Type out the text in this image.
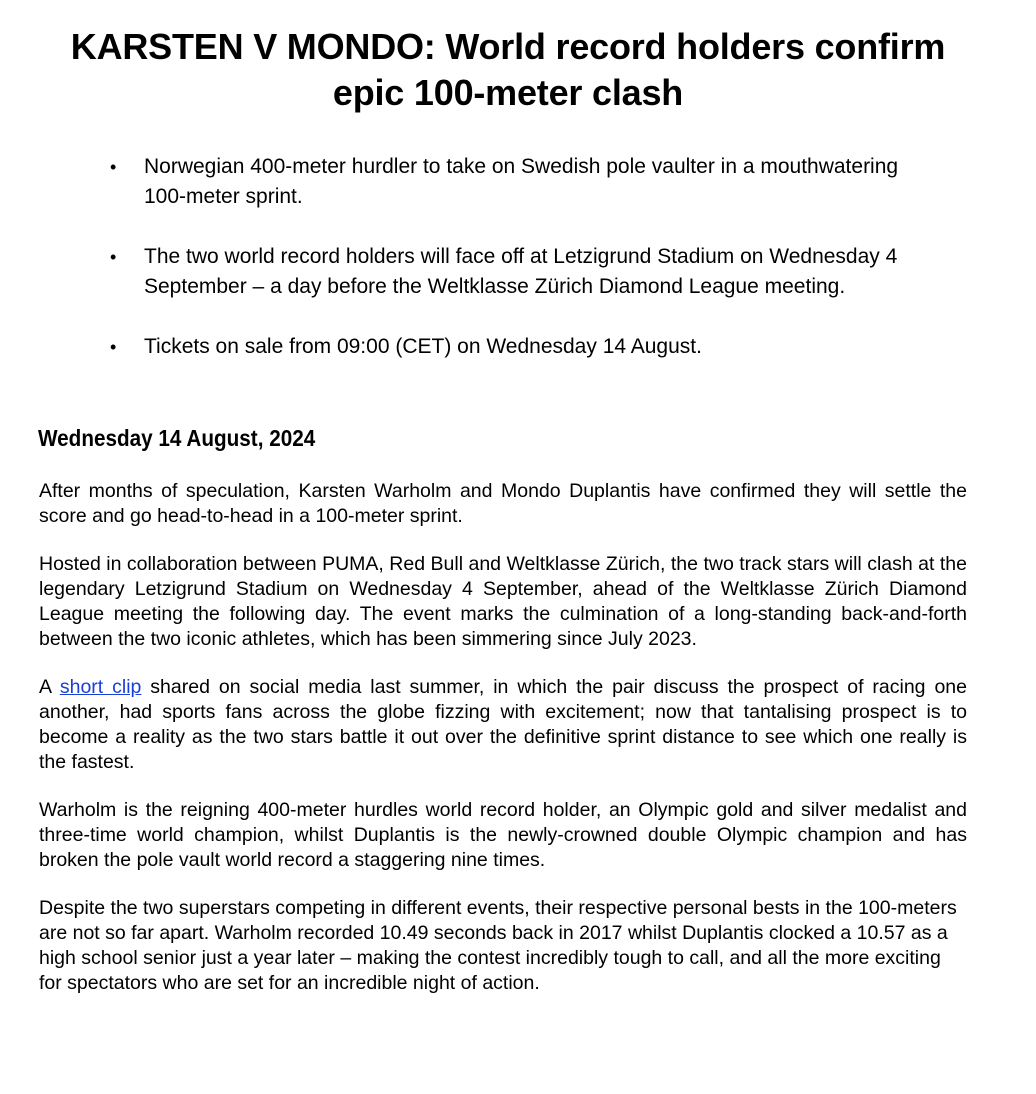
KARSTEN V MONDO: World record holders confirm epic 100-meter clash
• Norwegian 400-meter hurdler to take on Swedish pole vaulter in a mouthwatering 100-meter sprint.
• The two world record holders will face off at Letzigrund Stadium on Wednesday 4 September – a day before the Weltklasse Zürich Diamond League meeting.
• Tickets on sale from 09:00 (CET) on Wednesday 14 August.
Wednesday 14 August, 2024

After months of speculation, Karsten Warholm and Mondo Duplantis have confirmed they will settle the score and go head-to-head in a 100-meter sprint.

Hosted in collaboration between PUMA, Red Bull and Weltklasse Zürich, the two track stars will clash at the legendary Letzigrund Stadium on Wednesday 4 September, ahead of the Weltklasse Zürich Diamond League meeting the following day. The event marks the culmination of a long-standing back-and-forth between the two iconic athletes, which has been simmering since July 2023.

A short clip shared on social media last summer, in which the pair discuss the prospect of racing one another, had sports fans across the globe fizzing with excitement; now that tantalising prospect is to become a reality as the two stars battle it out over the definitive sprint distance to see which one really is the fastest.

Warholm is the reigning 400-meter hurdles world record holder, an Olympic gold and silver medalist and three-time world champion, whilst Duplantis is the newly-crowned double Olympic champion and has broken the pole vault world record a staggering nine times.

Despite the two superstars competing in different events, their respective personal bests in the 100-meters are not so far apart. Warholm recorded 10.49 seconds back in 2017 whilst Duplantis clocked a 10.57 as a high school senior just a year later – making the contest incredibly tough to call, and all the more exciting for spectators who are set for an incredible night of action.
